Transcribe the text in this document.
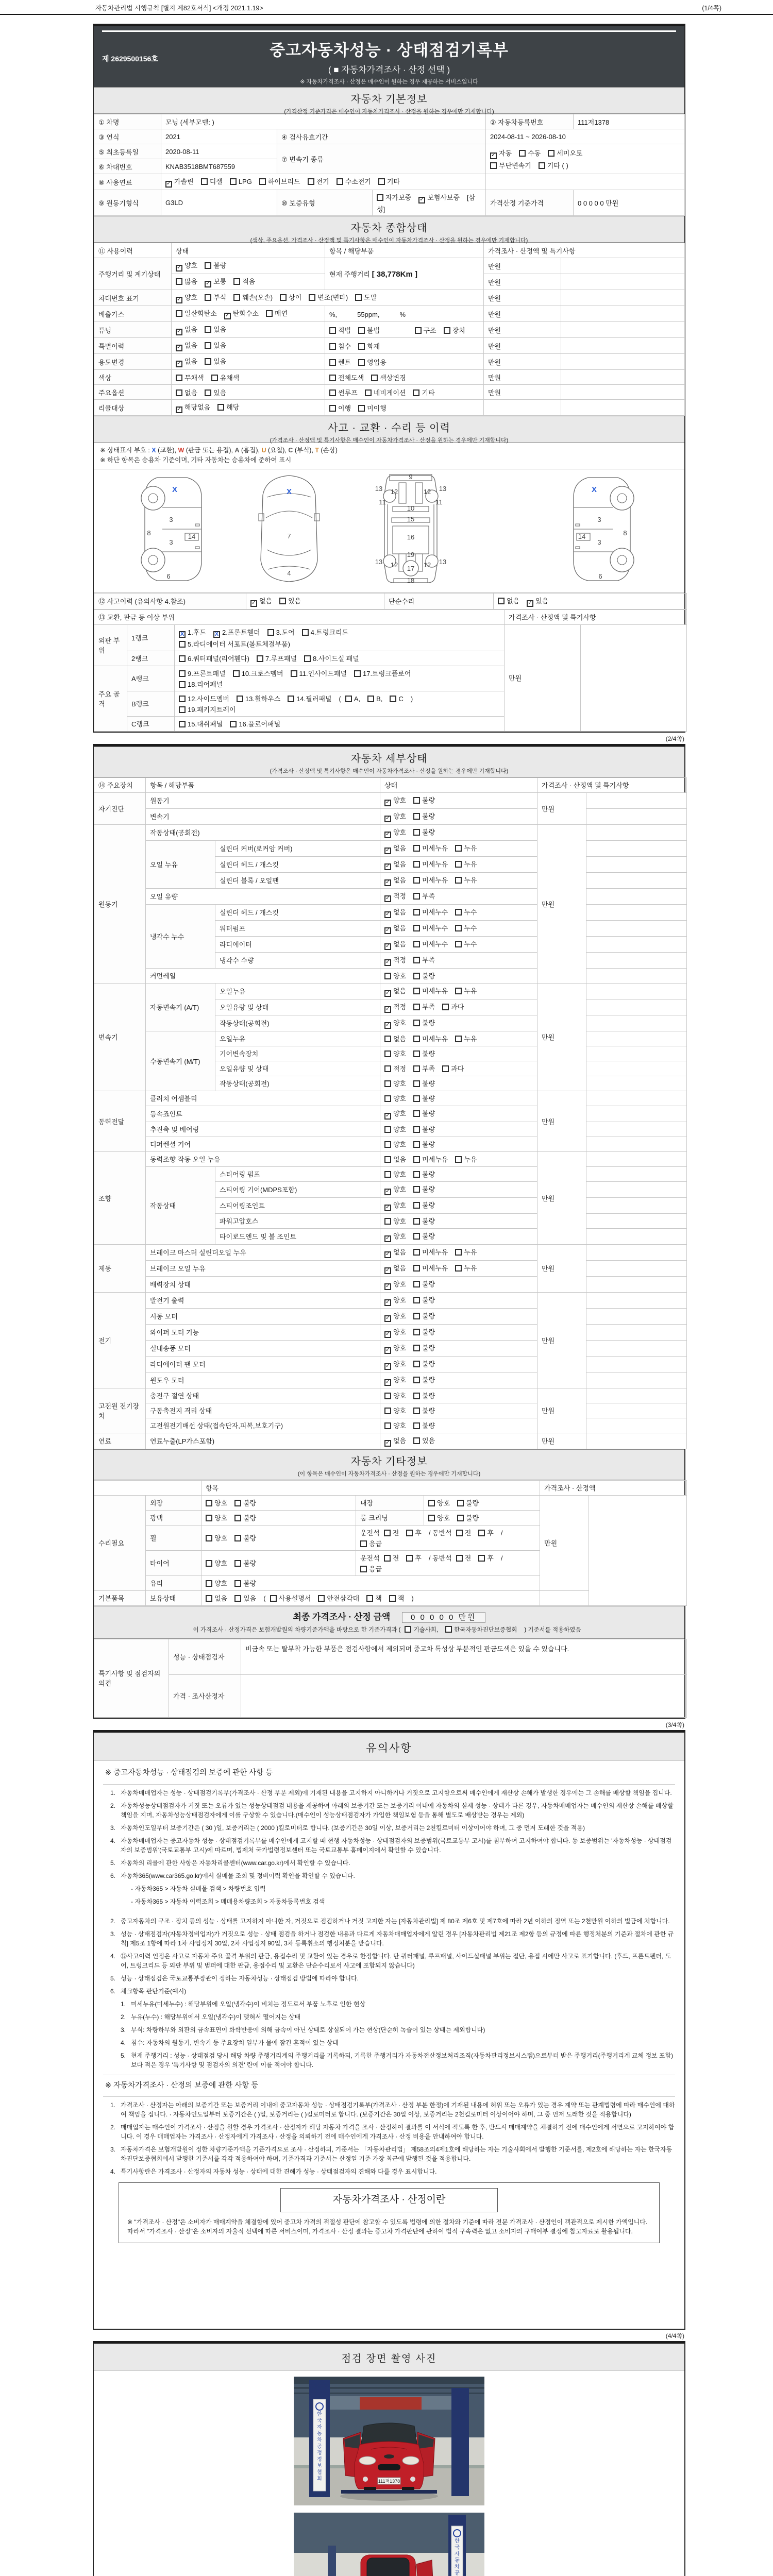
자동차관리법 시행규칙 [별지 제82호서식] <개정 2021.1.19>	(1/4쪽)
중고자동차성능 · 상태점검기록부
( ■ 자동차가격조사 · 산정 선택 )
※ 자동차가격조사 · 산정은 매수인이 원하는 경우 제공하는 서비스입니다
제 2629500156호
자동차 기본정보
(가격산정 기준가격은 매수인이 자동차가격조사 · 산정을 원하는 경우에만 기재합니다)
① 차명	모닝 (세부모델: )			② 자동차등록번호	111저1378
③ 연식	2021	④ 검사유효기간		2024-08-11 ~ 2026-08-10	
⑤ 최초등록일	2020-08-11	⑦ 변속기 종류	✓자동 수동 세미오토
무단변속기 기타 ( )
⑥ 차대번호	KNAB3518BMT687559				
⑧ 사용연료	✓가솔린 디젤 LPG 하이브리드 전기 수소전기 기타	
⑨ 원동기형식	G3LD	⑩ 보증유형	자가보증 ✓ 보험사보증 [삼성]	가격산정 기준가격	0 0 0 0 0 만원
자동차 종합상태
(색상, 주요옵션, 가격조사 · 산정액 및 특기사항은 매수인이 자동차가격조사 · 산정을 원하는 경우에만 기재합니다)
⑪ 사용이력	상태	항목 / 해당부품	가격조사 · 산정액 및 특기사항	
주행거리 및 계기상태	✓양호 불량	현재 주행거리 [ 38,778Km ]	만원	
	많음 ✓ 보통 적음		만원	
차대번호 표기	✓양호 부식 훼손(오손) 상이 변조(변타) 도말		만원	
배출가스	일산화탄소 ✓ 탄화수소 매연	%,　　　55ppm,　　　%	만원	
튜닝	✓없음 있음	적법 불법 구조 장치	만원	
특별이력	✓없음 있음	침수 화재	만원	
용도변경	✓없음 있음	렌트 영업용	만원	
색상	무채색 유채색	전체도색 색상변경	만원	
주요옵션	없음 있음	썬루프 네비게이션 기타	만원	
리콜대상	✓해당없음 해당	이행 미이행		
사고 · 교환 · 수리 등 이력
(가격조사 · 산정액 및 특기사항은 매수인이 자동차가격조사 · 산정을 원하는 경우에만 기재합니다)
※ 상태표시 부호 : X (교환), W (판금 또는 용접), A (흠집), U (요철), C (부식), T (손상)
※ 하단 항목은 승용차 기준이며, 기타 자동차는 승용차에 준하여 표시
X
8
3
3
14
6
X
7
4
9
13	13
12	12
11	11
10
15
16
19
13	13
12	12
17
18
X
8
3
3
14
6
⑫ 사고이력 (유의사항 4.참조)	✓없음 있음	단순수리	없음 ✓ 있음
⑬ 교환, 판금 등 이상 부위			가격조사 · 산정액 및 특기사항	
외판 부위	1랭크	X 1.후드 X 2.프론트휀더 3.도어 4.트렁크리드
5.라디에이터 서포트(볼트체결부품)	만원	
	2랭크	6.쿼터패널(리어휀다) 7.루프패널 8.사이드실 패널		
주요 골격	A랭크	9.프론트패널 10.크로스멤버 11.인사이드패널 17.트렁크플로어
18.리어패널		
	B랭크	12.사이드멤버 13.휠하우스 14.필러패널 ( A, B, C )
19.패키지트레이		
	C랭크	15.대쉬패널 16.플로어패널		
(2/4쪽)
자동차 세부상태
(가격조사 · 산정액 및 특기사항은 매수인이 자동차가격조사 · 산정을 원하는 경우에만 기재합니다)
⑭ 주요장치	항목 / 해당부품		상태	가격조사 · 산정액 및 특기사항	
자기진단	원동기	✓양호 불량	만원	
	변속기	✓양호 불량	
원동기	작동상태(공회전)	✓양호 불량	만원	
	오일 누유	실린더 커버(로커암 커버)	✓없음 미세누유 누유	
		실린더 헤드 / 개스킷	✓없음 미세누유 누유	
		실린더 블록 / 오일팬	✓없음 미세누유 누유	
	오일 유량	✓적정 부족	
	냉각수 누수	실린더 헤드 / 개스킷	✓없음 미세누수 누수	
		워터펌프	✓없음 미세누수 누수	
		라디에이터	✓없음 미세누수 누수	
		냉각수 수량	✓적정 부족	
	커먼레일		양호 불량		
변속기	자동변속기 (A/T)	오일누유	✓없음 미세누유 누유	만원	
		오일유량 및 상태	✓적정 부족 과다	
		작동상태(공회전)	✓양호 불량	
	수동변속기 (M/T)	오일누유	없음 미세누유 누유		
		기어변속장치	양호 불량		
		오일유량 및 상태	적정 부족 과다		
		작동상태(공회전)	양호 불량		
동력전달	클러치 어셈블리		양호 불량	만원	
	등속죠인트	✓양호 불량	
	추진축 및 베어링		양호 불량		
	디퍼렌셜 기어		양호 불량		
조향	동력조향 작동 오일 누유		없음 미세누유 누유	만원	
	작동상태	스티어링 펌프	양호 불량		
		스티어링 기어(MDPS포함)	✓양호 불량	
		스티어링조인트	✓양호 불량	
		파워고압호스	양호 불량		
		타이로드엔드 및 볼 조인트	✓양호 불량	
제동	브레이크 마스터 실린더오일 누유	✓없음 미세누유 누유	만원	
	브레이크 오일 누유	✓없음 미세누유 누유	
	배력장치 상태	✓양호 불량	
전기	발전기 출력	✓양호 불량	만원	
	시동 모터	✓양호 불량	
	와이퍼 모터 기능	✓양호 불량	
	실내송풍 모터	✓양호 불량	
	라디에이터 팬 모터	✓양호 불량	
	윈도우 모터	✓양호 불량	
고전원 전기장치	충전구 절연 상태		양호 불량	만원	
	구동축전지 격리 상태		양호 불량		
	고전원전기배선 상태(접속단자,피복,보호기구)		양호 불량		
연료	연료누출(LP가스포함)	✓없음 있음	만원	
자동차 기타정보
(이 항목은 매수인이 자동차가격조사 · 산정을 원하는 경우에만 기재합니다)
		항목			가격조사 · 산정액	
수리필요	외장	양호 불량	내장	양호 불량	만원	
	광택	양호 불량	룸 크리닝	양호 불량		
	휠	양호 불량	운전석 전 후 / 동반석 전 후 /응급			
	타이어	양호 불량	운전석 전 후 / 동반석 전 후 /응급			
	유리	양호 불량				
기본품목	보유상태	없음 있음 ( 사용설명서 안전삼각대 잭 잭 )				
최종 가격조사 · 산정 금액	0 0 0 0 0 만원
이 가격조사 · 산정가격은 보험개발원의 차량기준가액을 바탕으로 한 기준가격과 ( 기술사회,	한국자동차진단보증협회 ) 기준서를 적용하였음
특기사항 및 점검자의 의견	성능 · 상태점검자	비금속 또는 탈부착 가능한 부품은 점검사항에서 제외되며 중고차 특성상 부분적인 판금도색은 있을 수 있습니다.
	가격 · 조사산정자	
(3/4쪽)
유의사항
※ 중고자동차성능 · 상태점검의 보증에 관한 사항 등
1. 자동차매매업자는 성능 · 상태점검기록부(가격조사 · 산정 부분 제외)에 기재된 내용을 고지하지 아니하거나 거짓으로 고지함으로써 매수인에게 재산상 손해가 발생한 경우에는 그 손해를 배상할 책임을 집니다.
2. 자동차성능상태점검자가 거짓 또는 오류가 있는 성능상태점검 내용을 제공하여 아래의 보증기간 또는 보증거리 이내에 자동차의 실제 성능 · 상태가 다른 경우, 자동차매매업자는 매수인의 재산상 손해를 배상할 책임을 지며, 자동차성능상태점검자에게 이를 구상할 수 있습니다.(매수인이 성능상태점검자가 가입한 책임보험 등을 통해 별도로 배상받는 경우는 제외)
3. 자동차인도일부터 보증기간은 ( 30 )일, 보증거리는 ( 2000 )킬로미터로 합니다. (보증기간은 30일 이상, 보증거리는 2천킬로미터 이상이어야 하며, 그 중 먼저 도래한 것을 적용)
4. 자동차매매업자는 중고자동차 성능 · 상태점검기록부를 매수인에게 고지할 때 현행 자동차성능 · 상태점검자의 보증범위(국토교통부 고시)를 첨부하여 고지하여야 합니다. 동 보증범위는 '자동차성능 · 상태점검자의 보증범위'(국토교통부 고시)에 따르며, 법제처 국가법령정보센터 또는 국토교통부 홈페이지에서 확인할 수 있습니다.
5. 자동차의 리콜에 관한 사항은 자동차리콜센터(www.car.go.kr)에서 확인할 수 있습니다.
6. 자동차365(www.car365.go.kr)에서 실매물 조회 및 정비이력 확인을 확인할 수 있습니다.
- 자동차365 > 자동차 실매물 검색 > 차량번호 입력
- 자동차365 > 자동차 이력조회 > 매매용차량조회 > 자동차등록번호 검색
2. 중고자동차의 구조 · 장치 등의 성능 · 상태를 고지하지 아니한 자, 거짓으로 점검하거나 거짓 고지한 자는 [자동차관리법] 제 80조 제6호 및 제7호에 따라 2년 이하의 징역 또는 2천만원 이하의 벌금에 처합니다.
3. 성능 · 상태점검자(자동차정비업자)가 거짓으로 성능 · 상태 점검을 하거나 점검한 내용과 다르게 자동차매매업자에게 알린 경우 [자동차관리법 제21조 제2항 등의 규정에 따른 행정처분의 기준과 절차에 관한 규칙] 제5조 1항에 따라 1차 사업정지 30일, 2차 사업정지 90일, 3차 등록취소의 행정처분을 받습니다.
4. ⑫사고이력 인정은 사고로 자동차 주요 골격 부위의 판금, 용접수리 및 교환이 있는 경우로 한정합니다. 단 쿼터패널, 루프패널, 사이드실패널 부위는 절단, 용접 시에만 사고로 표기합니다. (후드, 프론트펜더, 도어, 트렁크리드 등 외판 부위 및 범퍼에 대한 판금, 용접수리 및 교환은 단순수리로서 사고에 포함되지 않습니다)
5. 성능 · 상태점검은 국토교통부장관이 정하는 자동차성능 · 상태점검 방법에 따라야 합니다.
6. 체크항목 판단기준(예시)
1. 미세누유(미세누수) : 해당부위에 오일(냉각수)이 비치는 정도로서 부품 노후로 인한 현상
2. 누유(누수) : 해당부위에서 오일(냉각수)이 맺혀서 떨어지는 상태
3. 부식: 차량하부와 외판의 금속표면이 화학반응에 의해 금속이 아닌 상태로 상실되어 가는 현상(단순히 녹슬어 있는 상태는 제외합니다)
4. 침수: 자동차의 원동기, 변속기 등 주요장치 일부가 물에 잠긴 흔적이 있는 상태
5. 현재 주행거리 : 성능 · 상태점검 당시 해당 차량 주행거리계의 주행거리를 기록하되, 기록한 주행거리가 자동차전산정보처리조직(자동차관리정보시스템)으로부터 받은 주행거리(주행거리계 교체 정보 포함)보다 적은 경우 '특기사항 및 점검자의 의견' 란에 이를 적어야 합니다.
※ 자동차가격조사 · 산정의 보증에 관한 사항 등
1. 가격조사 · 산정자는 아래의 보증기간 또는 보증거리 이내에 중고자동차 성능 · 상태점검기록부(가격조사 · 산정 부분 한정)에 기재된 내용에 허위 또는 오류가 있는 경우 계약 또는 관계법령에 따라 매수인에 대하여 책임을 집니다. · 자동차인도일부터 보증기간은 ( )일, 보증거리는 ( )킬로미터로 합니다. (보증기간은 30일 이상, 보증거리는 2천킬로미터 이상이어야 하며, 그 중 먼저 도래한 것을 적용합니다)
2. 매매업자는 매수인이 가격조사 · 산정을 원할 경우 가격조사 · 산정자가 해당 자동차 가격을 조사 · 산정하여 결과를 이 서식에 적도록 한 후, 반드시 매매계약을 체결하기 전에 매수인에게 서면으로 고지하여야 합니다. 이 경우 매매업자는 가격조사 · 산정자에게 가격조사 · 산정을 의뢰하기 전에 매수인에게 가격조사 · 산정 비용을 안내하여야 합니다.
3. 자동차가격은 보험개발원이 정한 차량기준가액을 기준가격으로 조사 · 산정하되, 기준서는 「자동차관리법」 제58조의4제1호에 해당하는 자는 기술사회에서 발행한 기준서를, 제2호에 해당하는 자는 한국자동차진단보증협회에서 발행한 기준서를 각각 적용하여야 하며, 기준가격과 기준서는 산정일 기준 가장 최근에 발행된 것을 적용합니다.
4. 특기사항란은 가격조사 · 산정자의 자동차 성능 · 상태에 대한 견해가 성능 · 상태점검자의 견해와 다를 경우 표시합니다.
자동차가격조사 · 산정이란
※ "가격조사 · 산정"은 소비자가 매매계약을 체결함에 있어 중고차 가격의 적절성 판단에 참고할 수 있도록 법령에 의한 절차와 기준에 따라 전문 가격조사 · 산정인이 객관적으로 제시한 가액입니다. 따라서 "가격조사 · 산정"은 소비자의 자율적 선택에 따른 서비스이며, 가격조사 · 산정 결과는 중고차 가격판단에 관하여 법적 구속력은 없고 소비자의 구매여부 결정에 참고자료로 활용됩니다.
(4/4쪽)
점검 장면 촬영 사진
한 국 자 동 차 공 정 정 보 협 회	111저1378
한 국 자 동 차 공
